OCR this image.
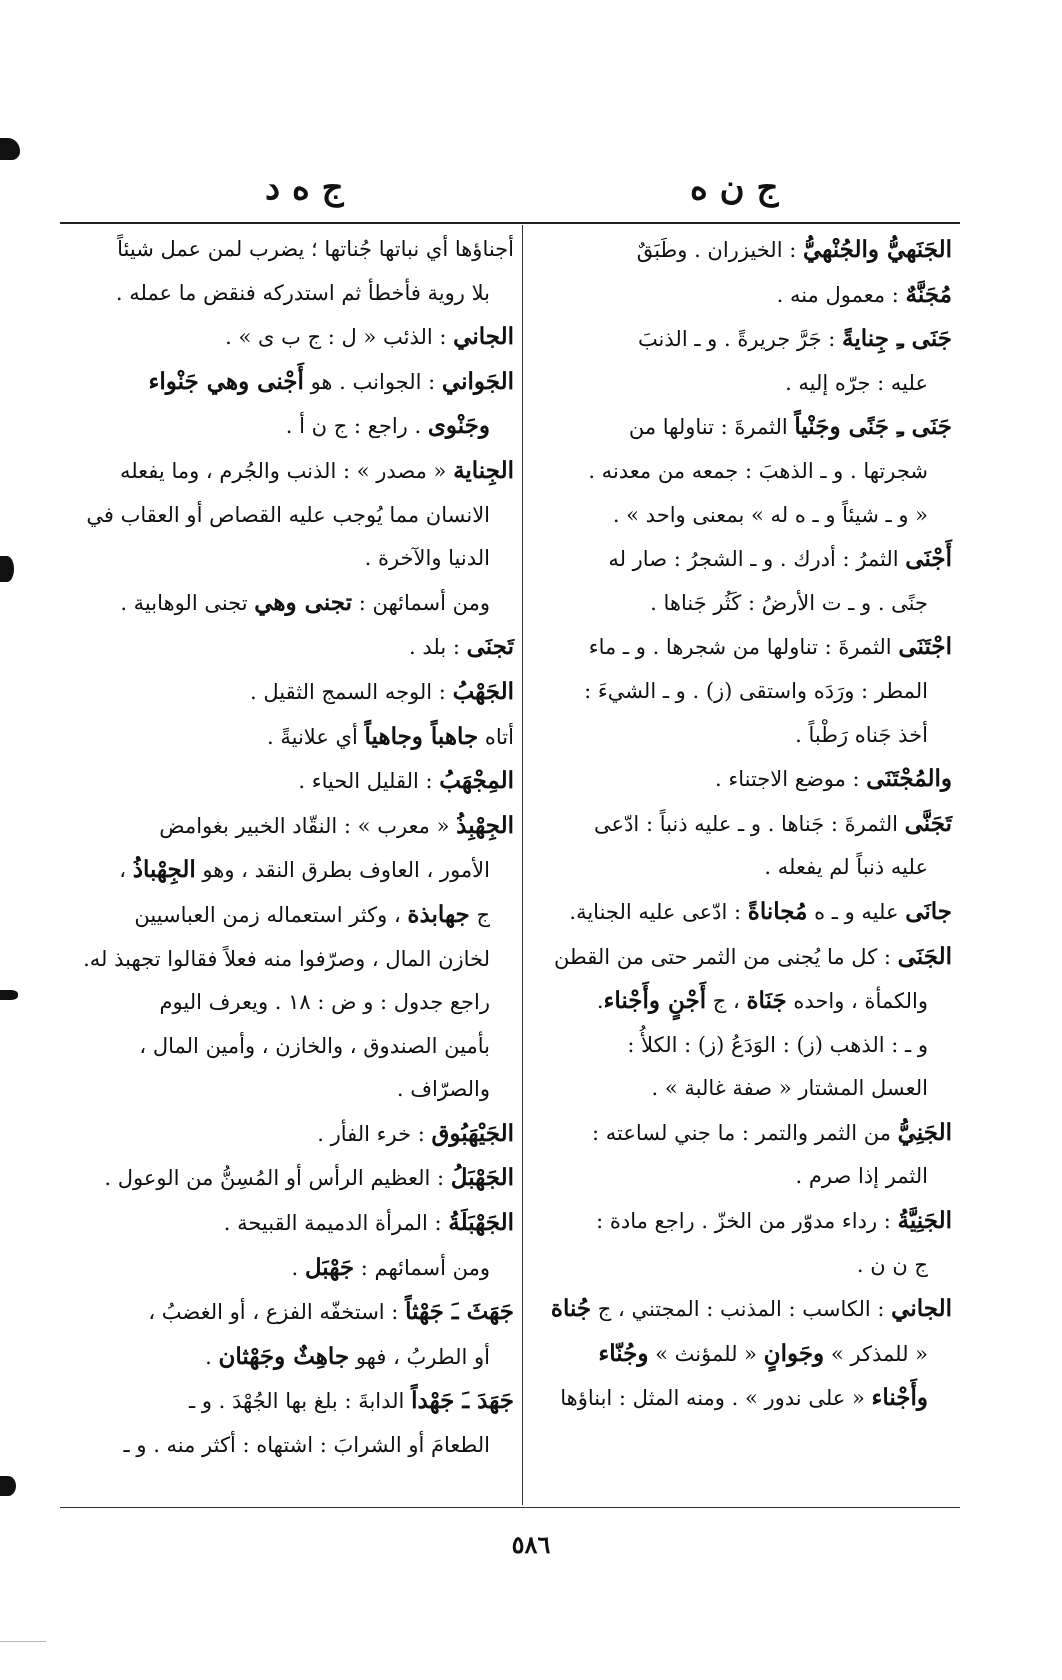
ج ن ه
ج ه د

الجَنَهيُّ والجُنْهيُّ : الخيزران . وطَبَقٌ

مُجَنَّهٌ : معمول منه .

جَنَى ـِ جِنايةً : جَرَّ جريرةً . و ـ الذنبَ

عليه : جرّه إليه .

جَنَى ـِ جَنًى وجَنْياً الثمرةَ : تناولها من

شجرتها . و ـ الذهبَ : جمعه من معدنه .

« و ـ شيئاً و ـ ه له » بمعنى واحد » .

أَجْنَى الثمرُ : أدرك . و ـ الشجرُ : صار له

جنًى . و ـ ت الأرضُ : كَثُر جَناها .

اجْتَنَى الثمرةَ : تناولها من شجرها . و ـ ماء

المطر : ورَدَه واستقى (ز) . و ـ الشيءَ :

أخذ جَناه رَطْباً .

والمُجْتَنَى : موضع الاجتناء .

تَجَنَّى الثمرةَ : جَناها . و ـ عليه ذنباً : ادّعى

عليه ذنباً لم يفعله .

جانَى عليه و ـ ه مُجاناةً : ادّعى عليه الجناية.

الجَنَى : كل ما يُجنى من الثمر حتى من القطن

والكمأة ، واحده جَنَاة ، ج أَجْنٍ وأَجْناء.

و ـ : الذهب (ز) : الوَدَعُ (ز) : الكلأُ :

العسل المشتار « صفة غالبة » .

الجَنِيُّ من الثمر والتمر : ما جني لساعته :

الثمر إذا صرم .

الجَنِيَّةُ : رداء مدوّر من الخزّ . راجع مادة :

ج ن ن .

الجاني : الكاسب : المذنب : المجتني ، ج جُناة

« للمذكر » وجَوانٍ « للمؤنث » وجُنّاء

وأَجْناء « على ندور » . ومنه المثل : ابناؤها

أجناؤها أي نباتها جُناتها ؛ يضرب لمن عمل شيئاً

بلا روية فأخطأ ثم استدركه فنقض ما عمله .

الجاني : الذئب « ل : ج ب ى » .

الجَواني : الجوانب . هو أَجْنى وهي جَنْواء

وجَنْوى . راجع : ج ن أ .

الجِناية « مصدر » : الذنب والجُرم ، وما يفعله

الانسان مما يُوجب عليه القصاص أو العقاب في

الدنيا والآخرة .

ومن أسمائهن : تجنى وهي تجنى الوهابية .

تَجنَى : بلد .

الجَهْبُ : الوجه السمج الثقيل .

أتاه جاهباً وجاهياً أي علانيةً .

المِجْهَبُ : القليل الحياء .

الجِهْبِذُ « معرب » : النقّاد الخبير بغوامض

الأمور ، العاوف بطرق النقد ، وهو الجِهْباذُ ،

ج جهابذة ، وكثر استعماله زمن العباسيين

لخازن المال ، وصرّفوا منه فعلاً فقالوا تجهبذ له.

راجع جدول : و ض : ١٨ . ويعرف اليوم

بأمين الصندوق ، والخازن ، وأمين المال ،

والصرّاف .

الجَيْهَبُوق : خرء الفأر .

الجَهْبَلُ : العظيم الرأس أو المُسِنُّ من الوعول .

الجَهْبَلَةُ : المرأة الدميمة القبيحة .

ومن أسمائهم : جَهْبَل .

جَهَثَ ـَ جَهْثاً : استخفّه الفزع ، أو الغضبُ ،

أو الطربُ ، فهو جاهِثٌ وجَهْثان .

جَهَدَ ـَ جَهْداً الدابةَ : بلغ بها الجُهْدَ . و ـ

الطعامَ أو الشرابَ : اشتهاه : أكثر منه . و ـ

٥٨٦
